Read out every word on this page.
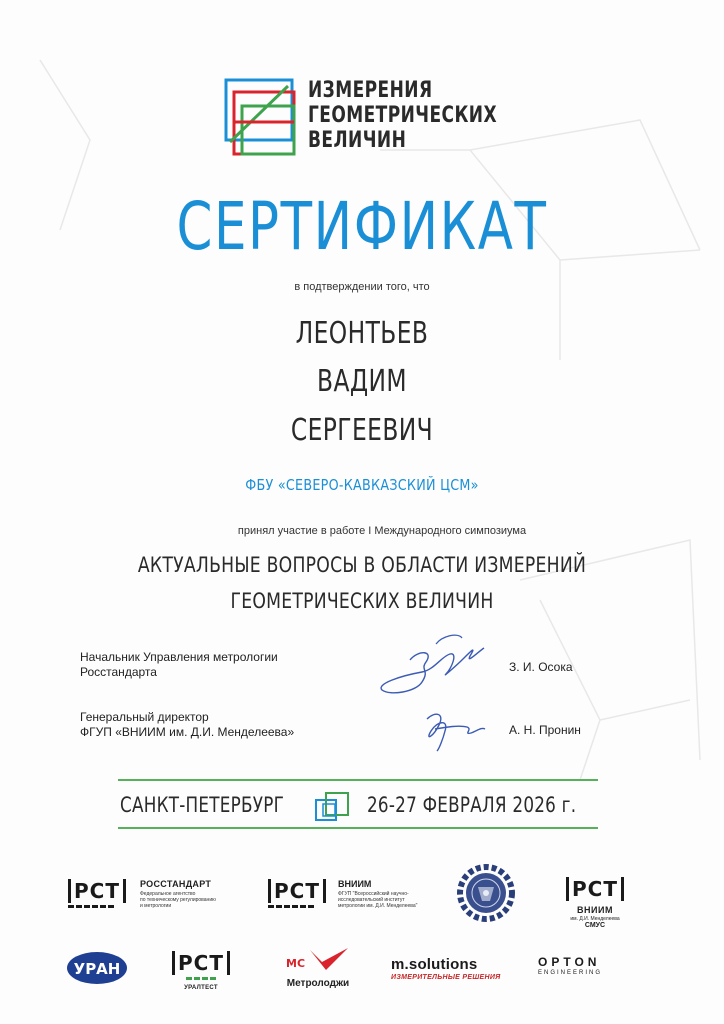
ИЗМЕРЕНИЯ
ГЕОМЕТРИЧЕСКИХ
ВЕЛИЧИН
СЕРТИФИКАТ
в подтверждении того, что
ЛЕОНТЬЕВ
ВАДИМ
СЕРГЕЕВИЧ
ФБУ «СЕВЕРО-КАВКАЗСКИЙ ЦСМ»
принял участие в работе I Международного симпозиума
АКТУАЛЬНЫЕ ВОПРОСЫ В ОБЛАСТИ ИЗМЕРЕНИЙ
ГЕОМЕТРИЧЕСКИХ ВЕЛИЧИН
Начальник Управления метрологии
Росстандарта	З. И. Осока
Генеральный директор
ФГУП «ВНИИМ им. Д.И. Менделеева»	А. Н. Пронин
САНКТ-ПЕТЕРБУРГ	26-27 ФЕВРАЛЯ 2026 г.
РСТ РОССТАНДАРТ
Федеральное агентство
по техническому регулированию
и метрологии
РСТ ВНИИМ
ФГУП "Всероссийский научно-
исследовательский институт
метрологии им. Д.И. Менделеева"
РСТ
ВНИИМ
им. Д.И. Менделеева
СМУС
УРАН	РСТ
УРАЛТЕСТ
МС
Метролоджи
m.solutions
ИЗМЕРИТЕЛЬНЫЕ РЕШЕНИЯ
OPTON
ENGINEERING
